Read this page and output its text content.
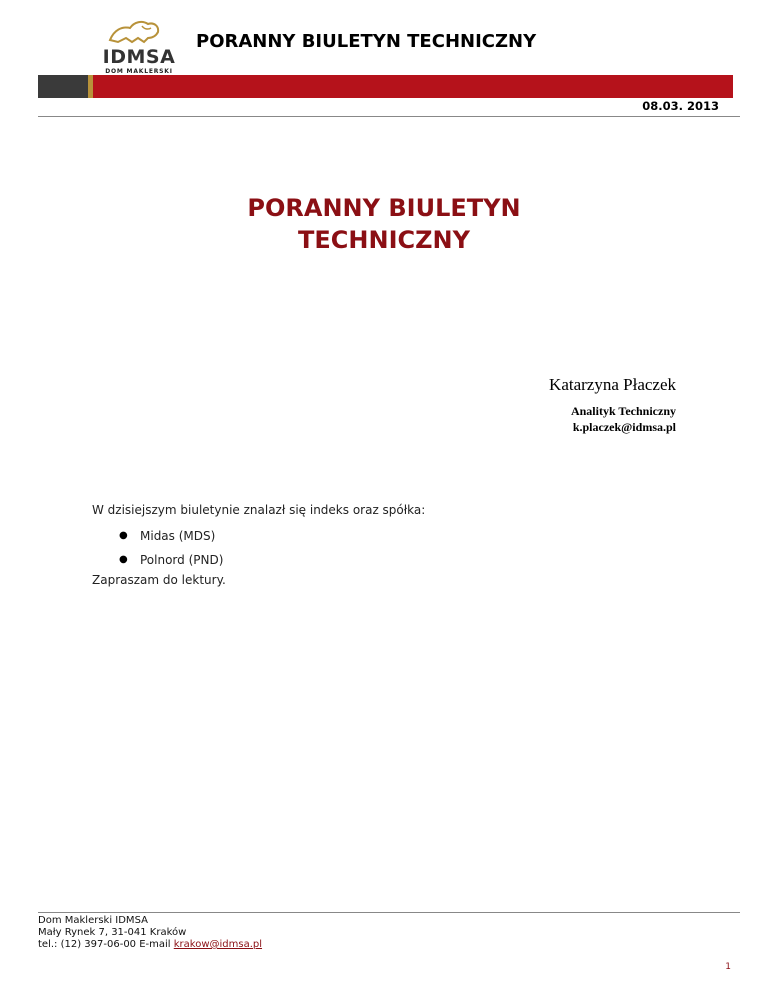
IDMSA
DOM MAKLERSKI
PORANNY BIULETYN TECHNICZNY
08.03. 2013
PORANNY BIULETYN
TECHNICZNY
Katarzyna Płaczek
Analityk Techniczny
k.placzek@idmsa.pl
W dzisiejszym biuletynie znalazł się indeks oraz spółka:
● Midas (MDS)
● Polnord (PND)
Zapraszam do lektury.
Dom Maklerski IDMSA
Mały Rynek 7, 31-041 Kraków
tel.: (12) 397-06-00 E-mail krakow@idmsa.pl
1
